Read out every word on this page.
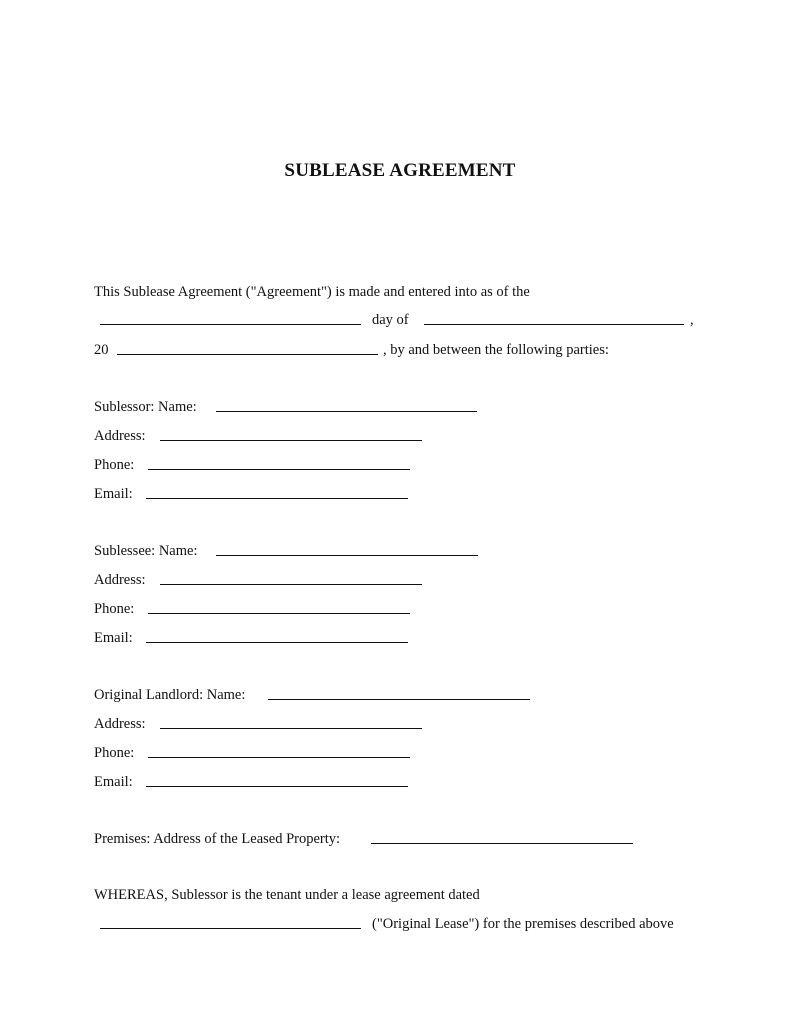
SUBLEASE AGREEMENT
This Sublease Agreement ("Agreement") is made and entered into as of the
day of	,
20	, by and between the following parties:
Sublessor: Name:
Address:
Phone:
Email:
Sublessee: Name:
Address:
Phone:
Email:
Original Landlord: Name:
Address:
Phone:
Email:
Premises: Address of the Leased Property:
WHEREAS, Sublessor is the tenant under a lease agreement dated
("Original Lease") for the premises described above
